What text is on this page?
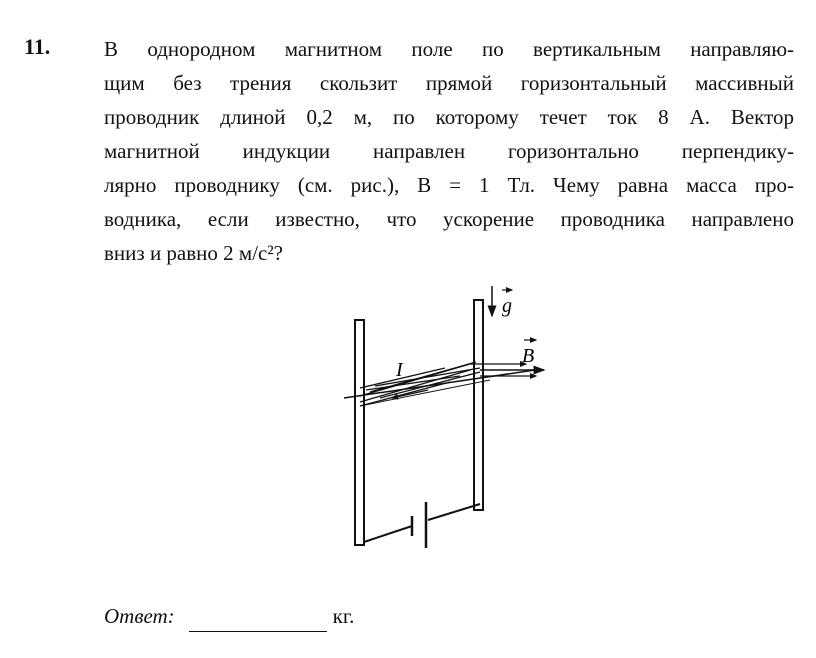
11.	В однородном магнитном поле по вертикальным направляю-
щим без трения скользит прямой горизонтальный массивный
проводник длиной 0,2 м, по которому течет ток 8 А. Вектор
магнитной индукции направлен горизонтально перпендику-
лярно проводнику (см. рис.), B = 1 Тл. Чему равна масса про-
водника, если известно, что ускорение проводника направлено
вниз и равно 2 м/с²?
g
B
I
Ответ:	кг.
